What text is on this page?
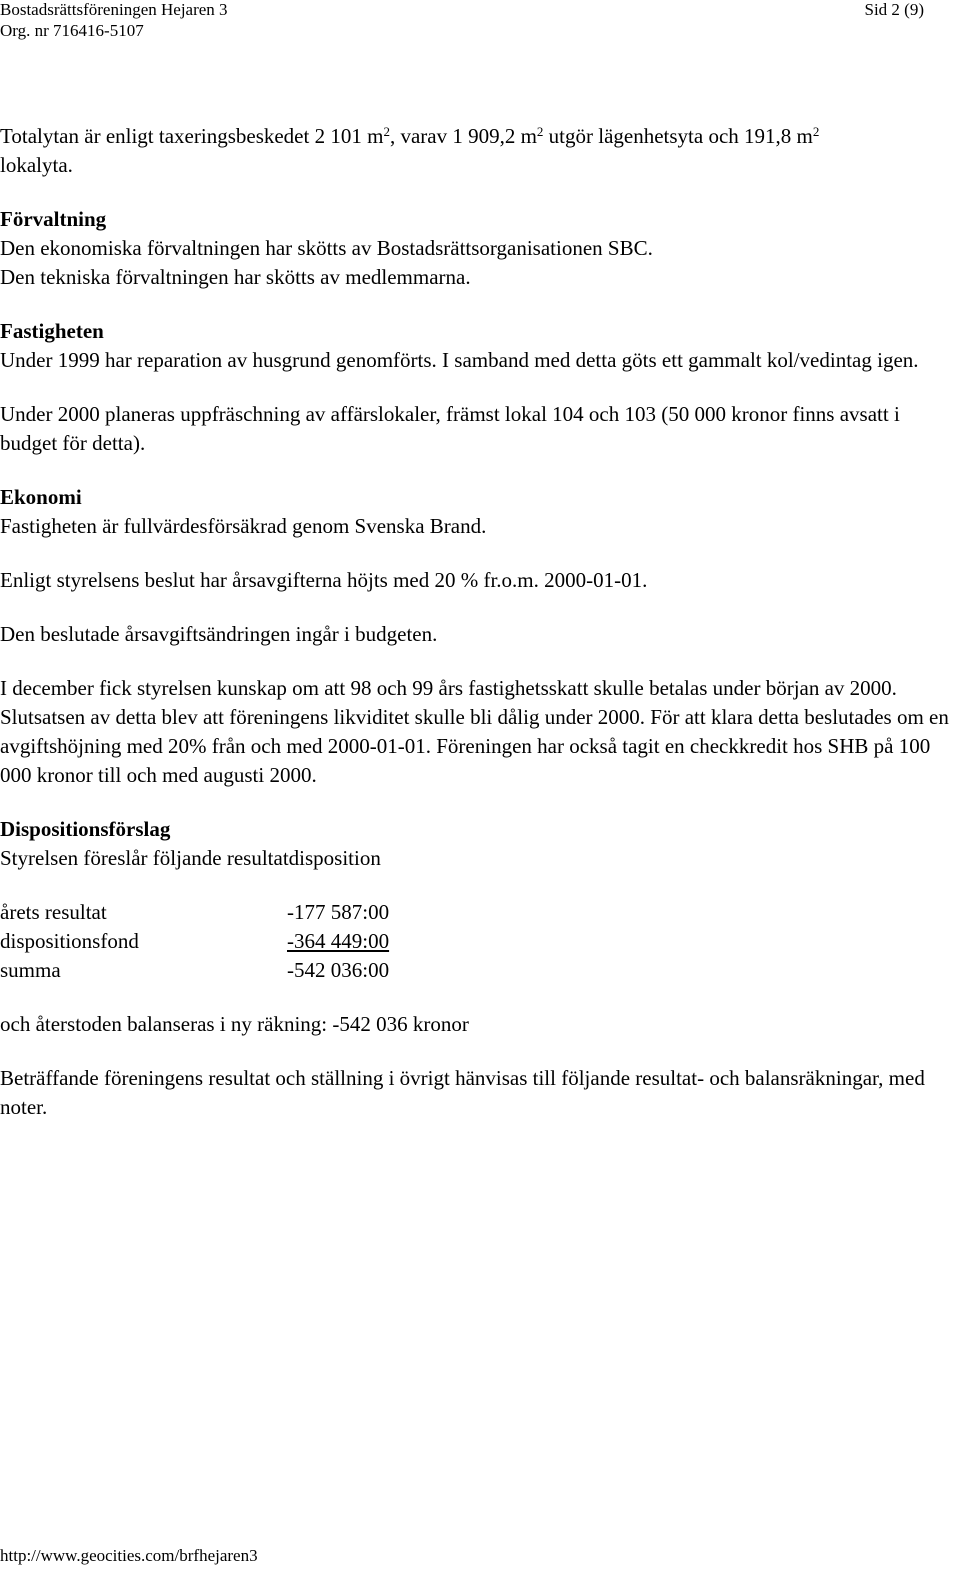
Bostadsrättsföreningen Hejaren 3
Org. nr 716416-5107
Sid 2 (9)

Totalytan är enligt taxeringsbeskedet 2 101 $m^2$, varav 1 909,2 $m^2$ utgör lägenhetsyta och 191,8 $m^2$
lokalyta.

Förvaltning

Den ekonomiska förvaltningen har skötts av Bostadsrättsorganisationen SBC.

Den tekniska förvaltningen har skötts av medlemmarna.

Fastigheten

Under 1999 har reparation av husgrund genomförts. I samband med detta göts ett gammalt kol/vedintag igen.

Under 2000 planeras uppfräschning av affärslokaler, främst lokal 104 och 103 (50 000 kronor finns avsatt i budget för detta).

Ekonomi

Fastigheten är fullvärdesförsäkrad genom Svenska Brand.

Enligt styrelsens beslut har årsavgifterna höjts med 20 % fr.o.m. 2000-01-01.

Den beslutade årsavgiftsändringen ingår i budgeten.

I december fick styrelsen kunskap om att 98 och 99 års fastighetsskatt skulle betalas under början av 2000. Slutsatsen av detta blev att föreningens likviditet skulle bli dålig under 2000. För att klara detta beslutades om en avgiftshöjning med 20% från och med 2000-01-01. Föreningen har också tagit en checkkredit hos SHB på 100 000 kronor till och med augusti 2000.

Dispositionsförslag

Styrelsen föreslår följande resultatdisposition

årets resultat	-177 587:00
dispositionsfond	-364 449:00
summa	-542 036:00

och återstoden balanseras i ny räkning: -542 036 kronor

Beträffande föreningens resultat och ställning i övrigt hänvisas till följande resultat- och balansräkningar, med noter.

http://www.geocities.com/brfhejaren3
